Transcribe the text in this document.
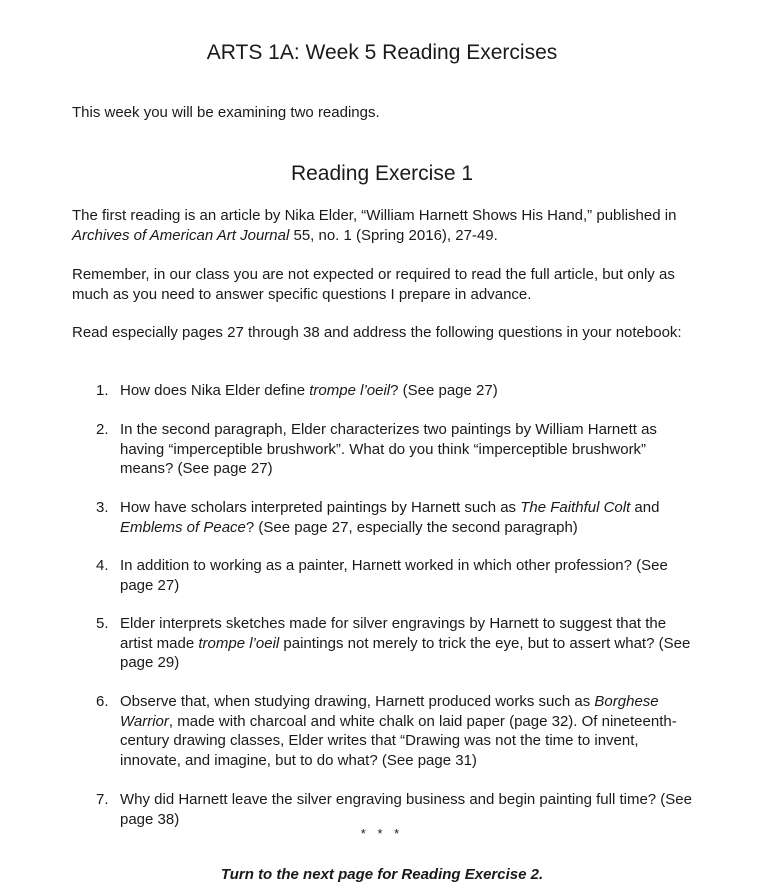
ARTS 1A: Week 5 Reading Exercises

This week you will be examining two readings.

Reading Exercise 1

The first reading is an article by Nika Elder, “William Harnett Shows His Hand,” published in Archives of American Art Journal 55, no. 1 (Spring 2016), 27-49.

Remember, in our class you are not expected or required to read the full article, but only as much as you need to answer specific questions I prepare in advance.

Read especially pages 27 through 38 and address the following questions in your notebook:

1. How does Nika Elder define trompe l’oeil? (See page 27)
2. In the second paragraph, Elder characterizes two paintings by William Harnett as having “imperceptible brushwork”. What do you think “imperceptible brushwork” means? (See page 27)
3. How have scholars interpreted paintings by Harnett such as The Faithful Colt and Emblems of Peace? (See page 27, especially the second paragraph)
4. In addition to working as a painter, Harnett worked in which other profession? (See page 27)
5. Elder interprets sketches made for silver engravings by Harnett to suggest that the artist made trompe l’oeil paintings not merely to trick the eye, but to assert what? (See page 29)
6. Observe that, when studying drawing, Harnett produced works such as Borghese Warrior, made with charcoal and white chalk on laid paper (page 32). Of nineteenth-century drawing classes, Elder writes that “Drawing was not the time to invent, innovate, and imagine, but to do what? (See page 31)
7. Why did Harnett leave the silver engraving business and begin painting full time? (See page 38)

* * *

Turn to the next page for Reading Exercise 2.
